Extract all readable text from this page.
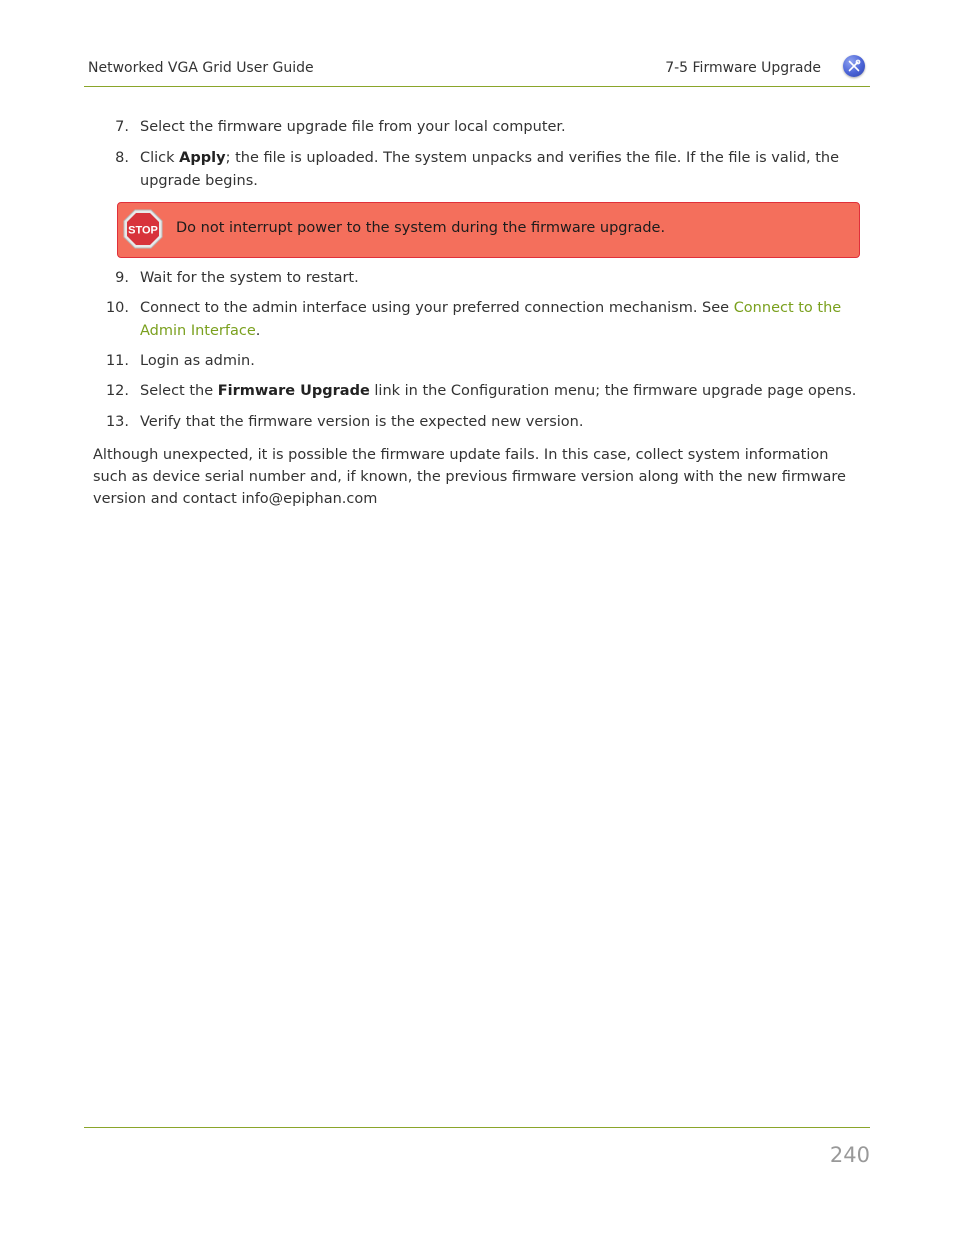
Networked VGA Grid User Guide	7-5 Firmware Upgrade
7. Select the firmware upgrade file from your local computer.
8. Click Apply; the file is uploaded. The system unpacks and verifies the file. If the file is valid, the upgrade begins.
STOP Do not interrupt power to the system during the firmware upgrade.
9. Wait for the system to restart.
10. Connect to the admin interface using your preferred connection mechanism. See Connect to the Admin Interface.
11. Login as admin.
12. Select the Firmware Upgrade link in the Configuration menu; the firmware upgrade page opens.
13. Verify that the firmware version is the expected new version.

Although unexpected, it is possible the firmware update fails. In this case, collect system information such as device serial number and, if known, the previous firmware version along with the new firmware version and contact info@epiphan.com

240
